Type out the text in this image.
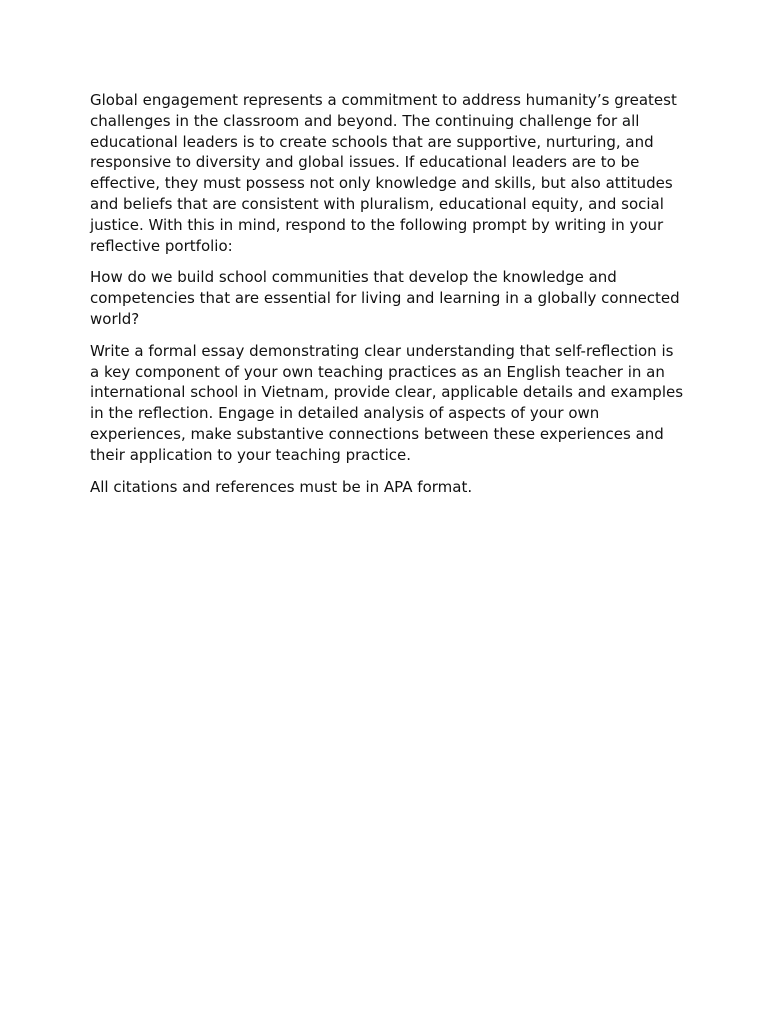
Global engagement represents a commitment to address humanity’s greatest challenges in the classroom and beyond. The continuing challenge for all educational leaders is to create schools that are supportive, nurturing, and responsive to diversity and global issues. If educational leaders are to be effective, they must possess not only knowledge and skills, but also attitudes and beliefs that are consistent with pluralism, educational equity, and social justice. With this in mind, respond to the following prompt by writing in your reflective portfolio:

How do we build school communities that develop the knowledge and competencies that are essential for living and learning in a globally connected world?

Write a formal essay demonstrating clear understanding that self-reflection is a key component of your own teaching practices as an English teacher in an international school in Vietnam, provide clear, applicable details and examples in the reflection. Engage in detailed analysis of aspects of your own experiences, make substantive connections between these experiences and their application to your teaching practice.

All citations and references must be in APA format.
